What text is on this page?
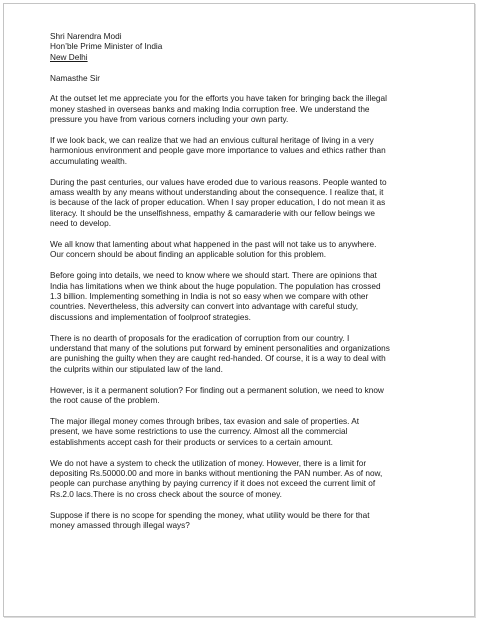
Shri Narendra Modi
Hon’ble Prime Minister of India
New Delhi

Namasthe Sir

At the outset let me appreciate you for the efforts you have taken for bringing back the illegal
money stashed in overseas banks and making India corruption free. We understand the
pressure you have from various corners including your own party.

If we look back, we can realize that we had an envious cultural heritage of living in a very
harmonious environment and people gave more importance to values and ethics rather than
accumulating wealth.

During the past centuries, our values have eroded due to various reasons. People wanted to
amass wealth by any means without understanding about the consequence. I realize that, it
is because of the lack of proper education. When I say proper education, I do not mean it as
literacy. It should be the unselfishness, empathy & camaraderie with our fellow beings we
need to develop.

We all know that lamenting about what happened in the past will not take us to anywhere.
Our concern should be about finding an applicable solution for this problem.

Before going into details, we need to know where we should start. There are opinions that
India has limitations when we think about the huge population. The population has crossed
1.3 billion. Implementing something in India is not so easy when we compare with other
countries. Nevertheless, this adversity can convert into advantage with careful study,
discussions and implementation of foolproof strategies.

There is no dearth of proposals for the eradication of corruption from our country. I
understand that many of the solutions put forward by eminent personalities and organizations
are punishing the guilty when they are caught red-handed. Of course, it is a way to deal with
the culprits within our stipulated law of the land.

However, is it a permanent solution? For finding out a permanent solution, we need to know
the root cause of the problem.

The major illegal money comes through bribes, tax evasion and sale of properties. At
present, we have some restrictions to use the currency. Almost all the commercial
establishments accept cash for their products or services to a certain amount.

We do not have a system to check the utilization of money. However, there is a limit for
depositing Rs.50000.00 and more in banks without mentioning the PAN number. As of now,
people can purchase anything by paying currency if it does not exceed the current limit of
Rs.2.0 lacs.There is no cross check about the source of money.

Suppose if there is no scope for spending the money, what utility would be there for that
money amassed through illegal ways?
